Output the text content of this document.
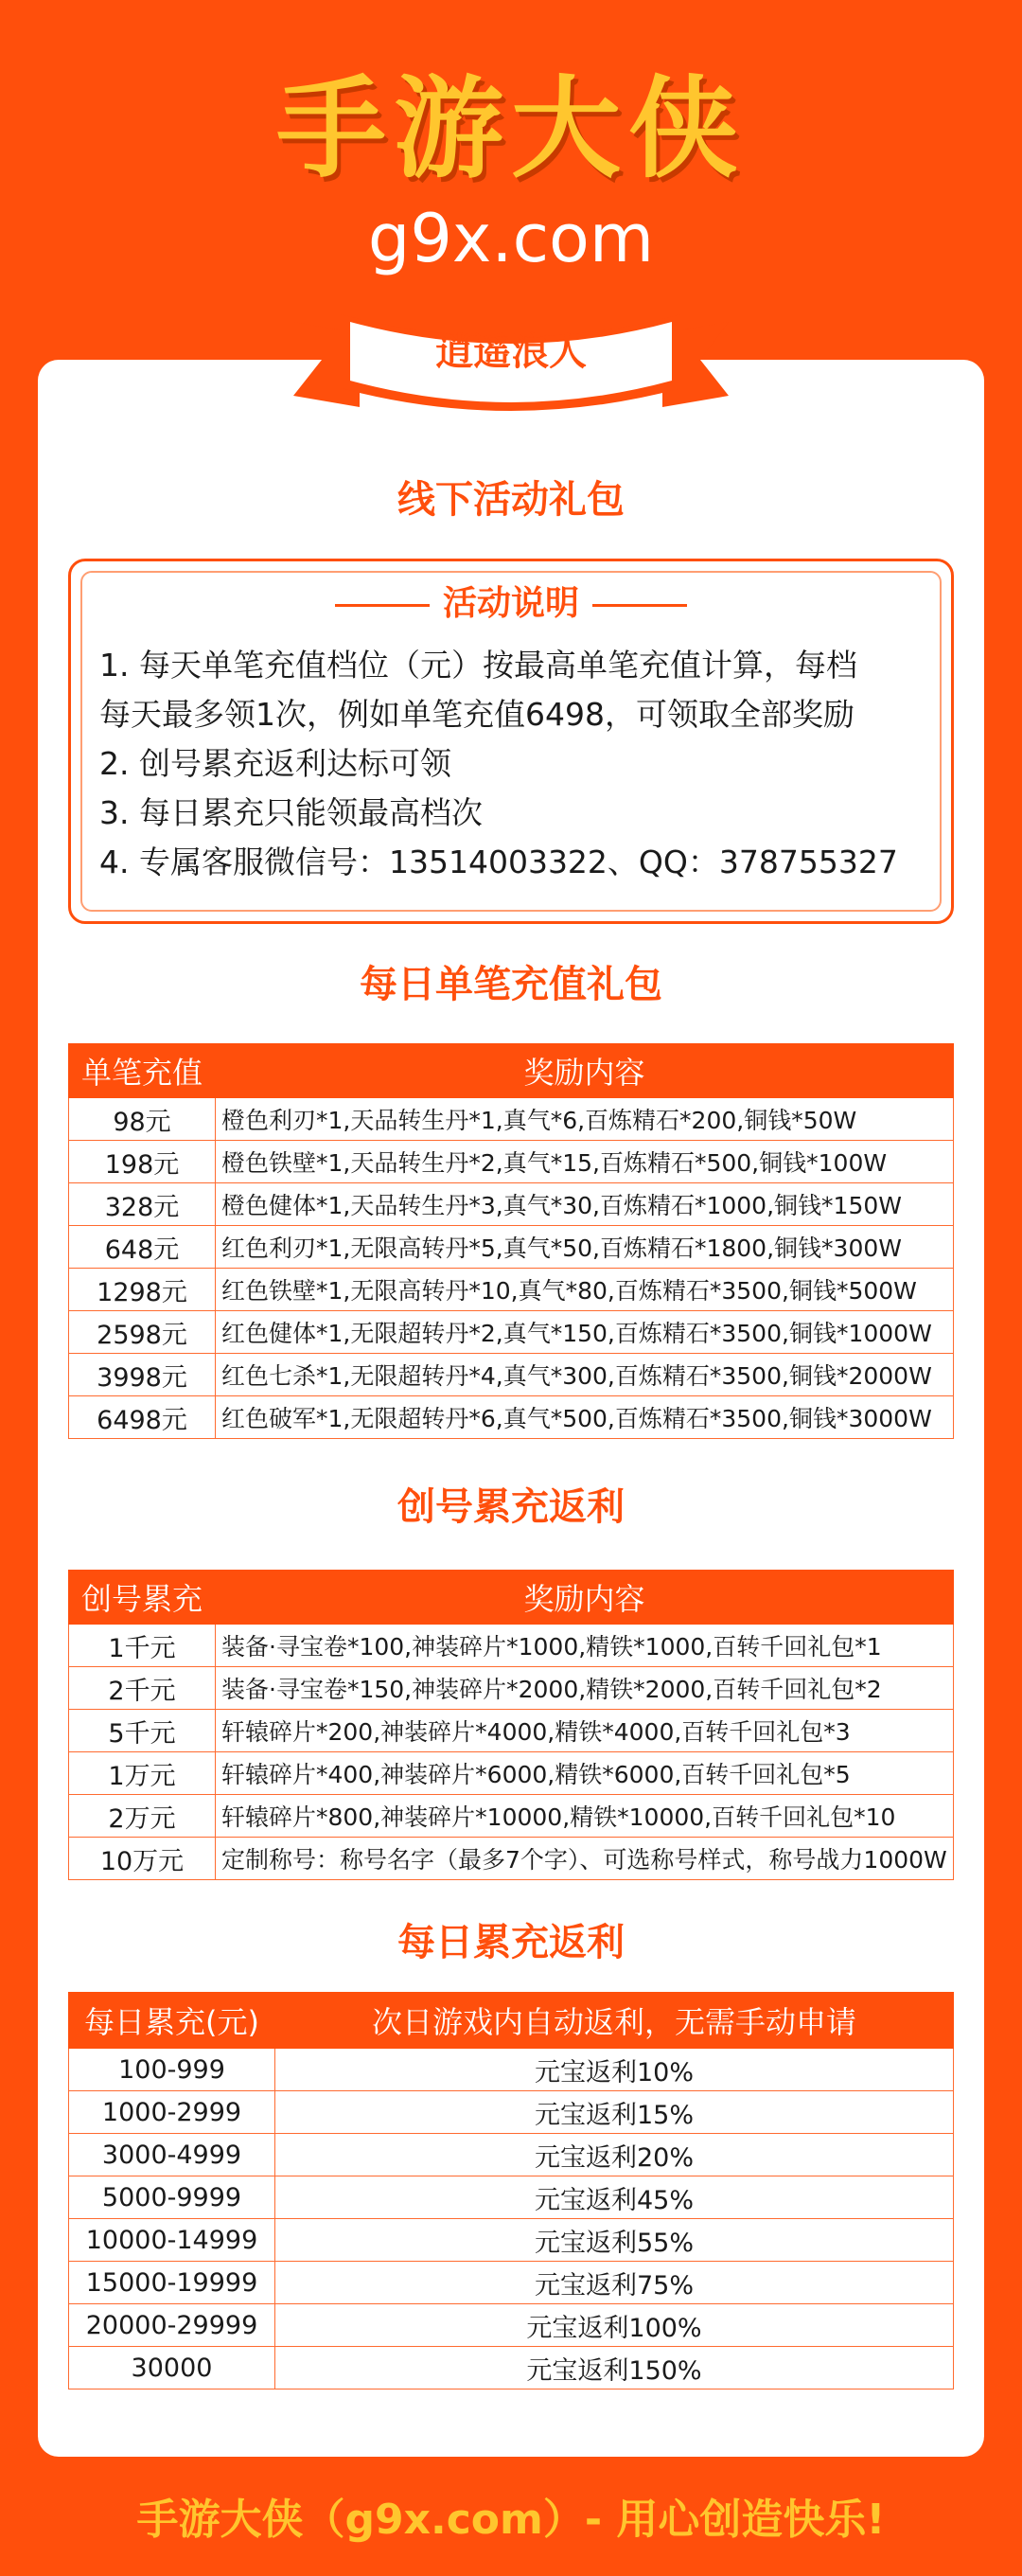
手游大侠
g9x.com
逍遥浪人
线下活动礼包
活动说明
1. 每天单笔充值档位（元）按最高单笔充值计算，每档
每天最多领1次，例如单笔充值6498，可领取全部奖励
2. 创号累充返利达标可领
3. 每日累充只能领最高档次
4. 专属客服微信号：13514003322、QQ：378755327
每日单笔充值礼包
单笔充值	奖励内容
98元	橙色利刃*1,天品转生丹*1,真气*6,百炼精石*200,铜钱*50W
198元	橙色铁壁*1,天品转生丹*2,真气*15,百炼精石*500,铜钱*100W
328元	橙色健体*1,天品转生丹*3,真气*30,百炼精石*1000,铜钱*150W
648元	红色利刃*1,无限高转丹*5,真气*50,百炼精石*1800,铜钱*300W
1298元	红色铁壁*1,无限高转丹*10,真气*80,百炼精石*3500,铜钱*500W
2598元	红色健体*1,无限超转丹*2,真气*150,百炼精石*3500,铜钱*1000W
3998元	红色七杀*1,无限超转丹*4,真气*300,百炼精石*3500,铜钱*2000W
6498元	红色破军*1,无限超转丹*6,真气*500,百炼精石*3500,铜钱*3000W
创号累充返利
创号累充	奖励内容
1千元	装备·寻宝卷*100,神装碎片*1000,精铁*1000,百转千回礼包*1
2千元	装备·寻宝卷*150,神装碎片*2000,精铁*2000,百转千回礼包*2
5千元	轩辕碎片*200,神装碎片*4000,精铁*4000,百转千回礼包*3
1万元	轩辕碎片*400,神装碎片*6000,精铁*6000,百转千回礼包*5
2万元	轩辕碎片*800,神装碎片*10000,精铁*10000,百转千回礼包*10
10万元	定制称号：称号名字（最多7个字）、可选称号样式，称号战力1000W
每日累充返利
每日累充(元)	次日游戏内自动返利，无需手动申请
100-999	元宝返利10%
1000-2999	元宝返利15%
3000-4999	元宝返利20%
5000-9999	元宝返利45%
10000-14999	元宝返利55%
15000-19999	元宝返利75%
20000-29999	元宝返利100%
30000	元宝返利150%
手游大侠（g9x.com）- 用心创造快乐!
